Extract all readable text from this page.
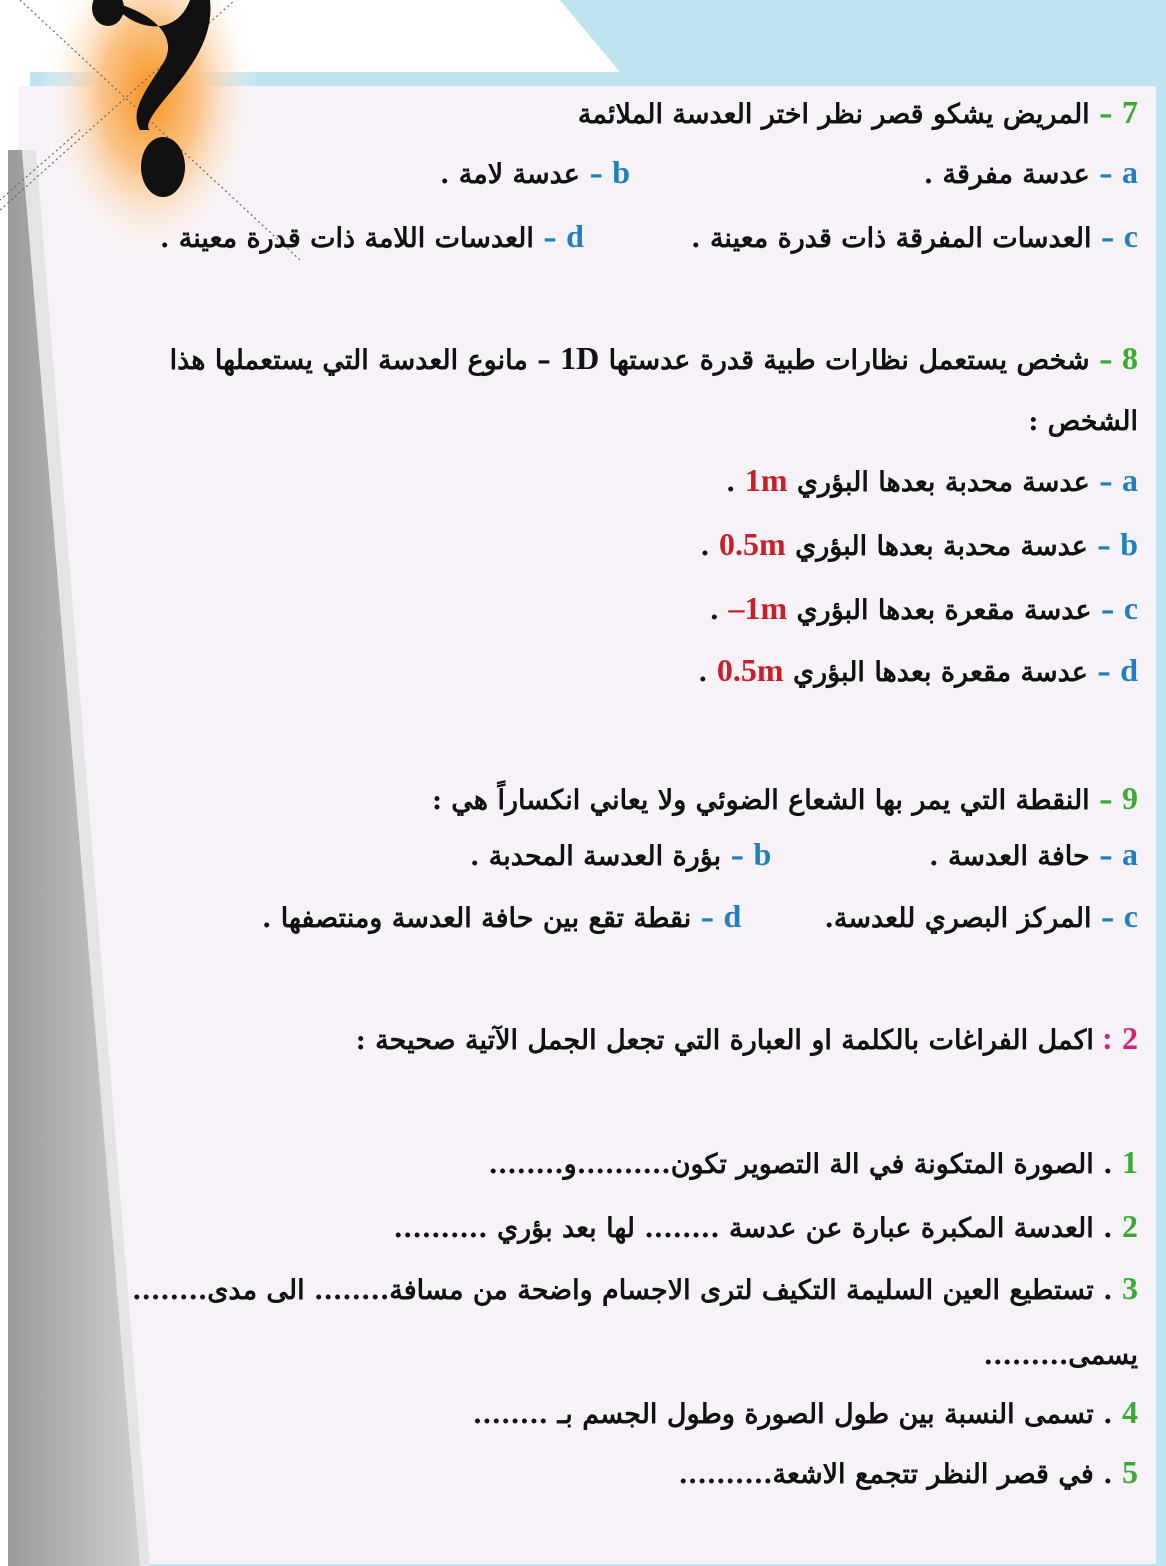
7 – المريض يشكو قصر نظر اختر العدسة الملائمة
a – عدسة مفرقة .
b – عدسة لامة .
c – العدسات المفرقة ذات قدرة معينة .
d – العدسات اللامة ذات قدرة معينة .
8 – شخص يستعمل نظارات طبية قدرة عدستها 1D – مانوع العدسة التي يستعملها هذا
الشخص :
a – عدسة محدبة بعدها البؤري 1m .
b – عدسة محدبة بعدها البؤري 0.5m .
c – عدسة مقعرة بعدها البؤري –1m .
d – عدسة مقعرة بعدها البؤري 0.5m .
9 – النقطة التي يمر بها الشعاع الضوئي ولا يعاني انكساراً هي :
a – حافة العدسة .
b – بؤرة العدسة المحدبة .
c – المركز البصري للعدسة.
d – نقطة تقع بين حافة العدسة ومنتصفها .
2 : اكمل الفراغات بالكلمة او العبارة التي تجعل الجمل الآتية صحيحة :
1 . الصورة المتكونة في الة التصوير تكون..........و........
2 . العدسة المكبرة عبارة عن عدسة ........ لها بعد بؤري ..........
3 . تستطيع العين السليمة التكيف لترى الاجسام واضحة من مسافة........ الى مدى........
يسمى.........
4 . تسمى النسبة بين طول الصورة وطول الجسم بـ ........
5 . في قصر النظر تتجمع الاشعة..........
